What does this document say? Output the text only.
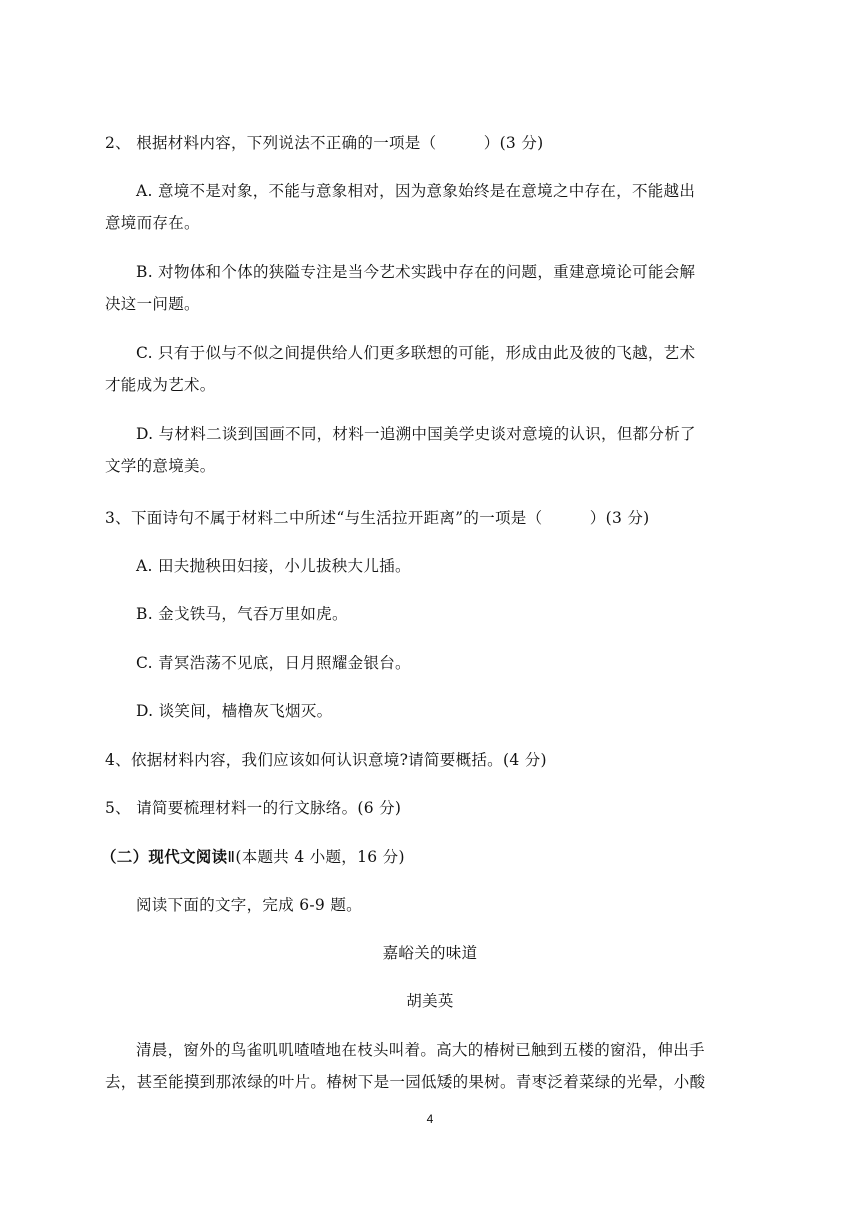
2、 根据材料内容，下列说法不正确的一项是（　　　）(3 分)
A. 意境不是对象，不能与意象相对，因为意象始终是在意境之中存在，不能越出
意境而存在。
B. 对物体和个体的狭隘专注是当今艺术实践中存在的问题，重建意境论可能会解
决这一问题。
C. 只有于似与不似之间提供给人们更多联想的可能，形成由此及彼的飞越，艺术
才能成为艺术。
D. 与材料二谈到国画不同，材料一追溯中国美学史谈对意境的认识，但都分析了
文学的意境美。
3、下面诗句不属于材料二中所述“与生活拉开距离”的一项是（　　　）(3 分)
A. 田夫抛秧田妇接，小儿拔秧大儿插。
B. 金戈铁马，气吞万里如虎。
C. 青冥浩荡不见底，日月照耀金银台。
D. 谈笑间，樯橹灰飞烟灭。
4、依据材料内容，我们应该如何认识意境?请简要概括。(4 分)
5、 请简要梳理材料一的行文脉络。(6 分)
（二）现代文阅读Ⅱ(本题共 4 小题，16 分)
阅读下面的文字，完成 6-9 题。
嘉峪关的味道
胡美英
清晨，窗外的鸟雀叽叽喳喳地在枝头叫着。高大的椿树已触到五楼的窗沿，伸出手
去，甚至能摸到那浓绿的叶片。椿树下是一园低矮的果树。青枣泛着菜绿的光晕，小酸
4
